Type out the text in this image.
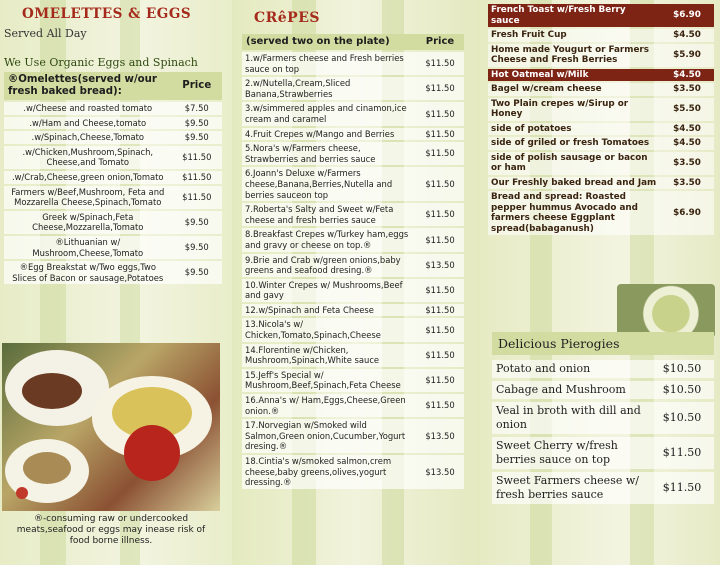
OMELETTES & EGGS
Served All Day
We Use Organic Eggs and Spinach
®Omelettes(served w/our fresh baked bread):	Price
.w/Cheese and roasted tomato	$7.50
.w/Ham and Cheese,tomato	$9.50
.w/Spinach,Cheese,Tomato	$9.50
.w/Chicken,Mushroom,Spinach, Cheese,and Tomato	$11.50
.w/Crab,Cheese,green onion,Tomato	$11.50
Farmers w/Beef,Mushroom, Feta and Mozzarella Cheese,Spinach,Tomato	$11.50
Greek w/Spinach,Feta Cheese,Mozzarella,Tomato	$9.50
®Lithuanian w/ Mushroom,Cheese,Tomato	$9.50
®Egg Breakstat w/Two eggs,Two Slices of Bacon or sausage,Potatoes	$9.50
®-consuming raw or undercooked meats,seafood or eggs may inease risk of food borne illness.
CRêPES
(served two on the plate)	Price
1.w/Farmers cheese and Fresh berries sauce on top	$11.50
2.w/Nutella,Cream,Sliced Banana,Strawberries	$11.50
3.w/simmered apples and cinamon,ice cream and caramel	$11.50
4.Fruit Crepes w/Mango and Berries	$11.50
5.Nora's w/Farmers cheese, Strawberries and berries sauce	$11.50
6.Joann's Deluxe w/Farmers cheese,Banana,Berries,Nutella and berries sauceon top	$11.50
7.Roberta's Salty and Sweet w/Feta cheese and fresh berries sauce	$11.50
8.Breakfast Crepes w/Turkey ham,eggs and gravy or cheese on top.®	$11.50
9.Brie and Crab w/green onions,baby greens and seafood dresing.®	$13.50
10.Winter Crepes w/ Mushrooms,Beef and gavy	$11.50
12.w/Spinach and Feta Cheese	$11.50
13.Nicola's w/ Chicken,Tomato,Spinach,Cheese	$11.50
14.Florentine w/Chicken, Mushroom,Spinach,White sauce	$11.50
15.Jeff's Special w/ Mushroom,Beef,Spinach,Feta Cheese	$11.50
16.Anna's w/ Ham,Eggs,Cheese,Green onion.®	$11.50
17.Norvegian w/Smoked wild Salmon,Green onion,Cucumber,Yogurt dresing.®	$13.50
18.Cintia's w/smoked salmon,crem cheese,baby greens,olives,yogurt dressing.®	$13.50
French Toast w/Fresh Berry sauce	$6.90
Fresh Fruit Cup	$4.50
Home made Yougurt or Farmers Cheese and Fresh Berries	$5.90
Hot Oatmeal w/Milk	$4.50
Bagel w/cream cheese	$3.50
Two Plain crepes w/Sirup or Honey	$5.50
side of potatoes	$4.50
side of griled or fresh Tomatoes	$4.50
side of polish sausage or bacon or ham	$3.50
Our Freshly baked bread and Jam	$3.50
Bread and spread: Roasted pepper hummus Avocado and farmers cheese Eggplant spread(babaganush)	$6.90
Delicious Pierogies
Potato and onion	$10.50
Cabage and Mushroom	$10.50
Veal in broth with dill and onion	$10.50
Sweet Cherry w/fresh berries sauce on top	$11.50
Sweet Farmers cheese w/ fresh berries sauce	$11.50
